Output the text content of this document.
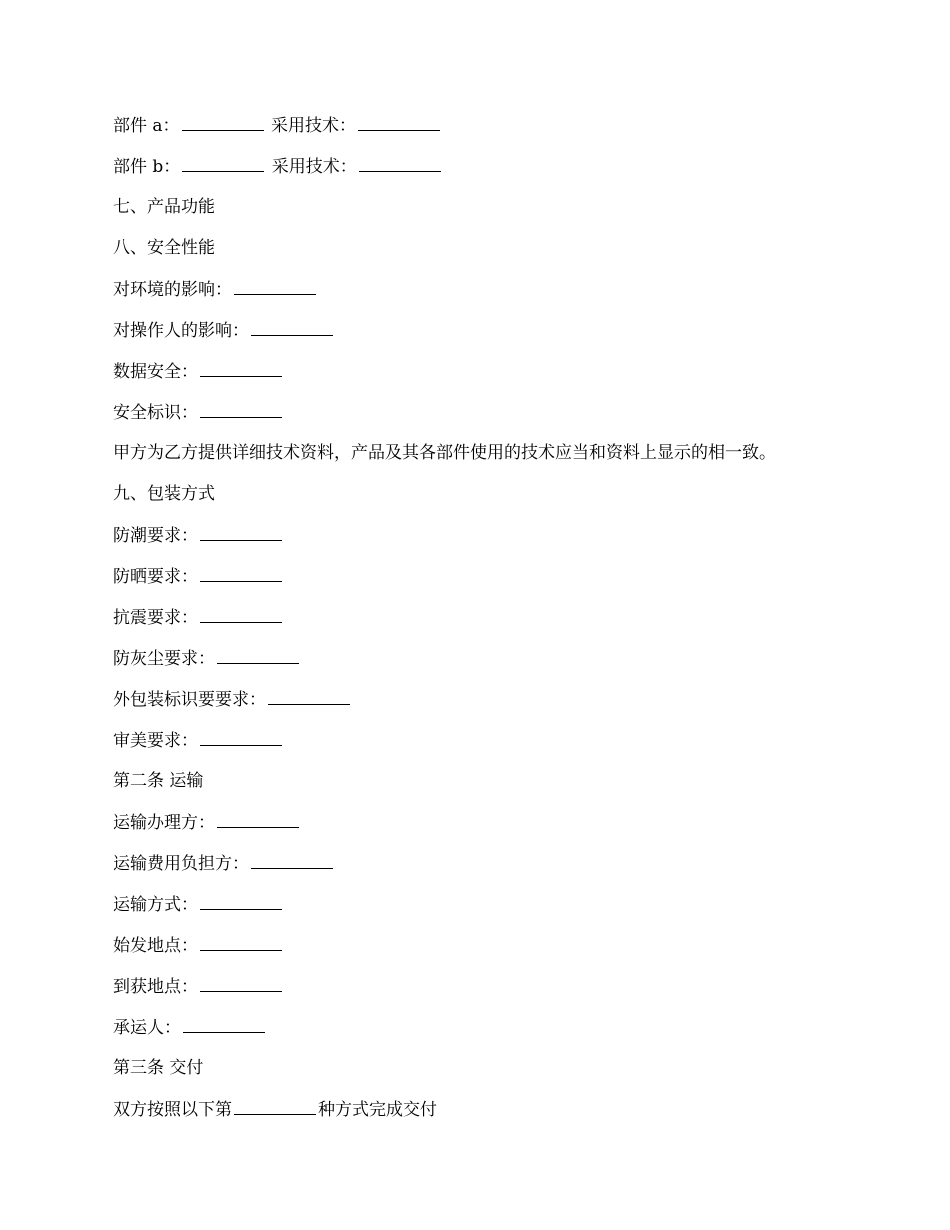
部件 a：	采用技术：
部件 b：	采用技术：
七、产品功能
八、安全性能
对环境的影响：
对操作人的影响：
数据安全：
安全标识：
甲方为乙方提供详细技术资料，产品及其各部件使用的技术应当和资料上显示的相一致。
九、包装方式
防潮要求：
防晒要求：
抗震要求：
防灰尘要求：
外包装标识要要求：
审美要求：
第二条 运输
运输办理方：
运输费用负担方：
运输方式：
始发地点：
到获地点：
承运人：
第三条 交付
双方按照以下第	种方式完成交付
